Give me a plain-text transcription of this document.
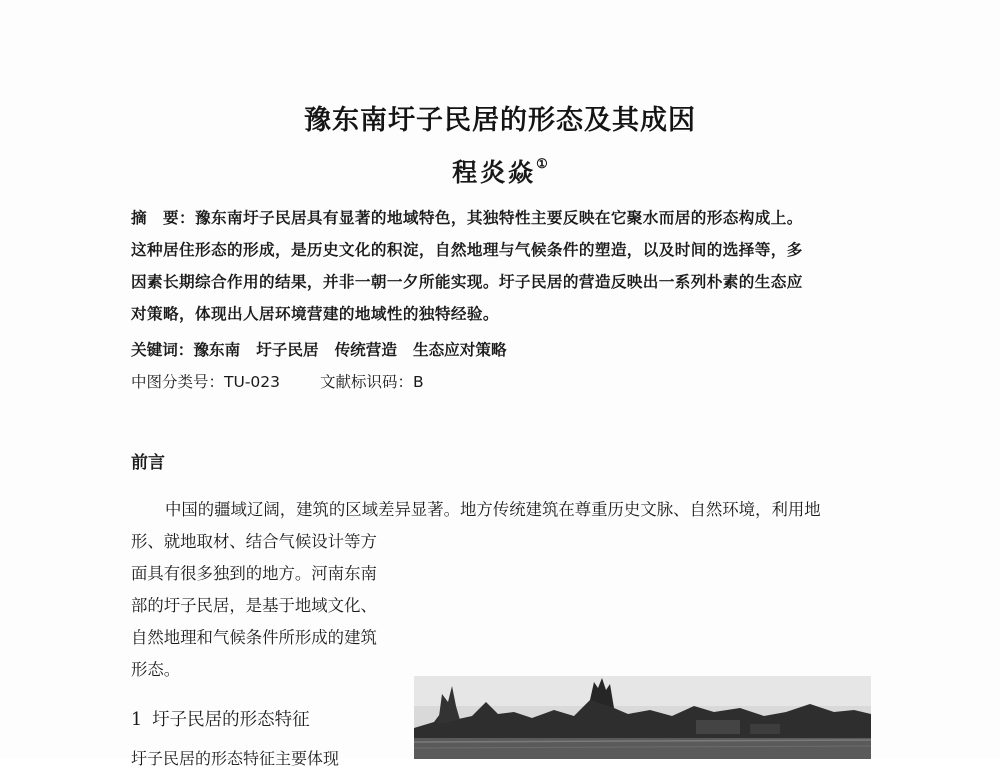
豫东南圩子民居的形态及其成因
程炎焱①
摘　要：豫东南圩子民居具有显著的地域特色，其独特性主要反映在它聚水而居的形态构成上。
这种居住形态的形成，是历史文化的积淀，自然地理与气候条件的塑造，以及时间的选择等，多
因素长期综合作用的结果，并非一朝一夕所能实现。圩子民居的营造反映出一系列朴素的生态应
对策略，体现出人居环境营建的地域性的独特经验。
关键词：豫东南 圩子民居 传统营造 生态应对策略
中图分类号：TU-023	文献标识码：B
前言
中国的疆域辽阔，建筑的区域差异显著。地方传统建筑在尊重历史文脉、自然环境，利用地
形、就地取材、结合气候设计等方
面具有很多独到的地方。河南东南
部的圩子民居，是基于地域文化、
自然地理和气候条件所形成的建筑
形态。
1 圩子民居的形态特征
圩子民居的形态特征主要体现
